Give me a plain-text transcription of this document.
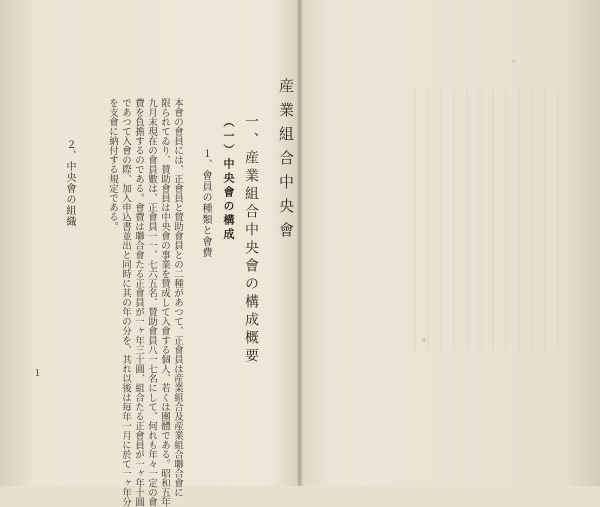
産業組合中央會
一、産業組合中央會の構成概要
（一）中央會の構成
１、會員の種類と會費
本會の會員には、正會員と賛助會員との二種があつて、正會員は産業組合及産業組合聯合會に
限られてゐり、賛助會員は中央會の事業を賛成して入會する個人、若くは團體である。昭和五年
九月末現在の會員數は、正會員一一、七六五名、賛助會員八一七名にして、何れも年々一定の會
費を負擔するのである。會費は聯合會たる正會員が一ヶ年三十圓、組合たる正會員が一ヶ年十圓
であつて入會の際、加入申込書並出と同時に其の年の分を、其れ以後は毎年一月に於て一ヶ年分
を支會に納付する規定である。
２、中央會の組織
１
